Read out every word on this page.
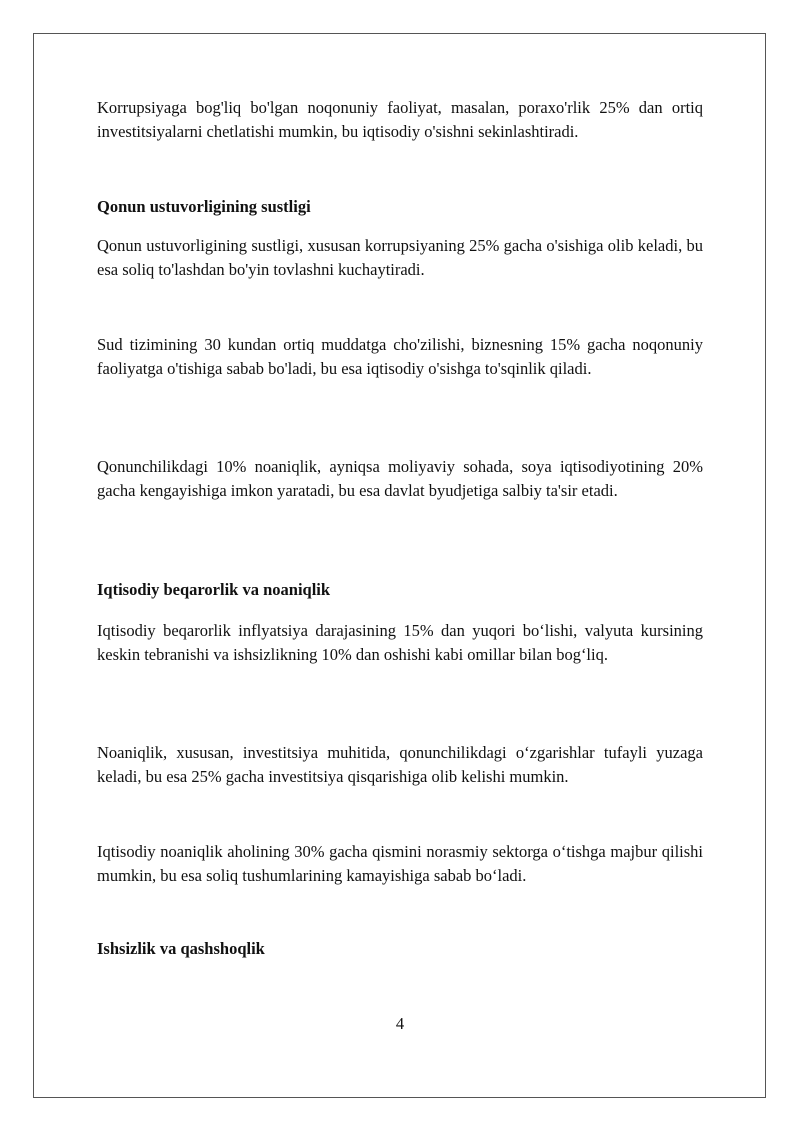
Korrupsiyaga bog'liq bo'lgan noqonuniy faoliyat, masalan, poraxo'rlik 25% dan ortiq investitsiyalarni chetlatishi mumkin, bu iqtisodiy o'sishni sekinlashtiradi.

Qonun ustuvorligining sustligi

Qonun ustuvorligining sustligi, xususan korrupsiyaning 25% gacha o'sishiga olib keladi, bu esa soliq to'lashdan bo'yin tovlashni kuchaytiradi.

Sud tizimining 30 kundan ortiq muddatga cho'zilishi, biznesning 15% gacha noqonuniy faoliyatga o'tishiga sabab bo'ladi, bu esa iqtisodiy o'sishga to'sqinlik qiladi.

Qonunchilikdagi 10% noaniqlik, ayniqsa moliyaviy sohada, soya iqtisodiyotining 20% gacha kengayishiga imkon yaratadi, bu esa davlat byudjetiga salbiy ta'sir etadi.

Iqtisodiy beqarorlik va noaniqlik

Iqtisodiy beqarorlik inflyatsiya darajasining 15% dan yuqori bo‘lishi, valyuta kursining keskin tebranishi va ishsizlikning 10% dan oshishi kabi omillar bilan bog‘liq.

Noaniqlik, xususan, investitsiya muhitida, qonunchilikdagi o‘zgarishlar tufayli yuzaga keladi, bu esa 25% gacha investitsiya qisqarishiga olib kelishi mumkin.

Iqtisodiy noaniqlik aholining 30% gacha qismini norasmiy sektorga o‘tishga majbur qilishi mumkin, bu esa soliq tushumlarining kamayishiga sabab bo‘ladi.

Ishsizlik va qashshoqlik

4
